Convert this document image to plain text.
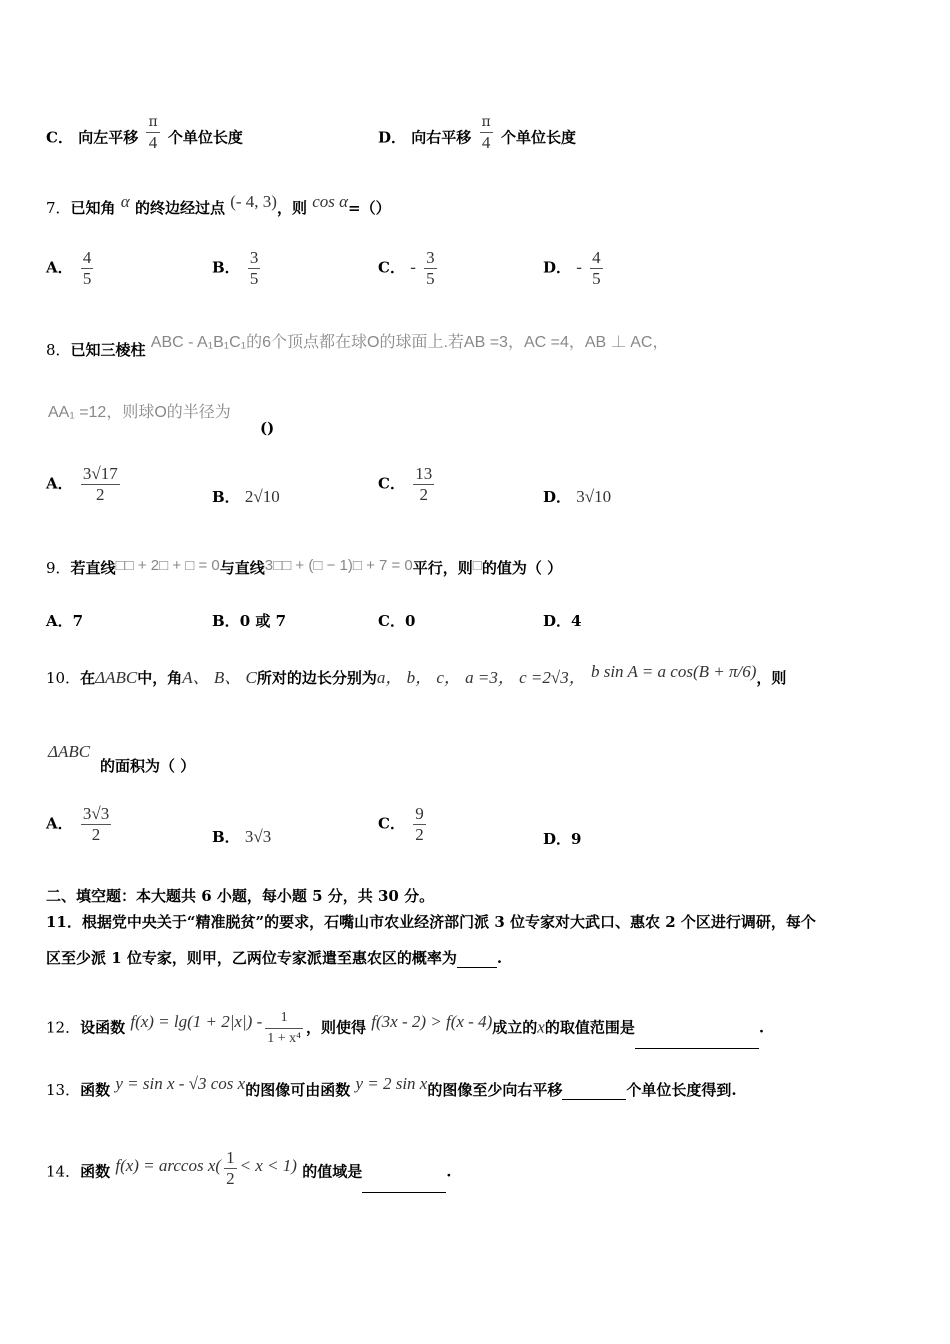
C． 向左平移 $\frac{\pi}{4}$ 个单位长度	D． 向右平移 $\frac{\pi}{4}$ 个单位长度
7．已知角 α 的终边经过点 (- 4, 3)，则 cos α=（）
A． $\frac{4}{5}$	B． $\frac{3}{5}$	C． - $\frac{3}{5}$	D． - $\frac{4}{5}$
8．已知三棱柱 ABC - A₁B₁C₁的6个顶点都在球O的球面上.若AB =3，AC =4，AB ⊥ AC，
AA₁ =12，则球O的半径为
()
A． $\frac{3√17}{2}$	B． 2√10
C． $\frac{13}{2}$	D． 3√10
9．若直线□□ + 2□ + □ = 0与直线3□□ + (□ − 1)□ + 7 = 0平行，则□的值为（ ）
A．7	B．0 或 7	C．0	D．4
10．在ΔABC中，角A、 B、 C所对的边长分别为a， b， c， a =3， c =2√3， b sin A = a cos(B + π/6)，则
ΔABC
的面积为（ ）
A． $\frac{3√3}{2}$	B． 3√3
C． $\frac{9}{2}$	D．9
二、填空题：本大题共 6 小题，每小题 5 分，共 30 分。
11．根据党中央关于“精准脱贫”的要求，石嘴山市农业经济部门派 3 位专家对大武口、惠农 2 个区进行调研，每个
区至少派 1 位专家，则甲，乙两位专家派遣至惠农区的概率为	.
12．设函数 $f(x) = \lg(1 + 2|x|) - \frac{1}{\text{1 + x⁴}}$ ，则使得 f(3x - 2) > f(x - 4)成立的x的取值范围是	.
13．函数 y = sin x - √3 cos x的图像可由函数 y = 2 sin x的图像至少向右平移	个单位长度得到.
14．函数 $f(x) = \arccos x( \frac{1}{2} < x < 1)$ 的值域是	.
